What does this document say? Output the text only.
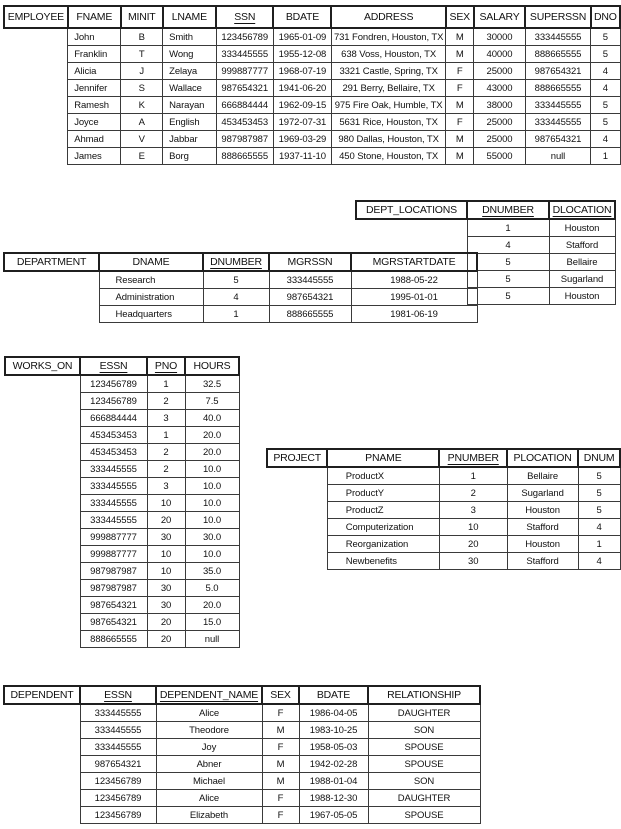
EMPLOYEE	FNAME	MINIT	LNAME	SSN	BDATE	ADDRESS	SEX	SALARY	SUPERSSN	DNO
	John	B	Smith	123456789	1965-01-09	731 Fondren, Houston, TX	M	30000	333445555	5
	Franklin	T	Wong	333445555	1955-12-08	638 Voss, Houston, TX	M	40000	888665555	5
	Alicia	J	Zelaya	999887777	1968-07-19	3321 Castle, Spring, TX	F	25000	987654321	4
	Jennifer	S	Wallace	987654321	1941-06-20	291 Berry, Bellaire, TX	F	43000	888665555	4
	Ramesh	K	Narayan	666884444	1962-09-15	975 Fire Oak, Humble, TX	M	38000	333445555	5
	Joyce	A	English	453453453	1972-07-31	5631 Rice, Houston, TX	F	25000	333445555	5
	Ahmad	V	Jabbar	987987987	1969-03-29	980 Dallas, Houston, TX	M	25000	987654321	4
	James	E	Borg	888665555	1937-11-10	450 Stone, Houston, TX	M	55000	null	1
DEPT_LOCATIONS	DNUMBER	DLOCATION
	1	Houston
	4	Stafford
	5	Bellaire
	5	Sugarland
	5	Houston
DEPARTMENT	DNAME	DNUMBER	MGRSSN	MGRSTARTDATE
	Research	5	333445555	1988-05-22
	Administration	4	987654321	1995-01-01
	Headquarters	1	888665555	1981-06-19
WORKS_ON	ESSN	PNO	HOURS
	123456789	1	32.5
	123456789	2	7.5
	666884444	3	40.0
	453453453	1	20.0
	453453453	2	20.0
	333445555	2	10.0
	333445555	3	10.0
	333445555	10	10.0
	333445555	20	10.0
	999887777	30	30.0
	999887777	10	10.0
	987987987	10	35.0
	987987987	30	5.0
	987654321	30	20.0
	987654321	20	15.0
	888665555	20	null
PROJECT	PNAME	PNUMBER	PLOCATION	DNUM
	ProductX	1	Bellaire	5
	ProductY	2	Sugarland	5
	ProductZ	3	Houston	5
	Computerization	10	Stafford	4
	Reorganization	20	Houston	1
	Newbenefits	30	Stafford	4
DEPENDENT	ESSN	DEPENDENT_NAME	SEX	BDATE	RELATIONSHIP
	333445555	Alice	F	1986-04-05	DAUGHTER
	333445555	Theodore	M	1983-10-25	SON
	333445555	Joy	F	1958-05-03	SPOUSE
	987654321	Abner	M	1942-02-28	SPOUSE
	123456789	Michael	M	1988-01-04	SON
	123456789	Alice	F	1988-12-30	DAUGHTER
	123456789	Elizabeth	F	1967-05-05	SPOUSE
